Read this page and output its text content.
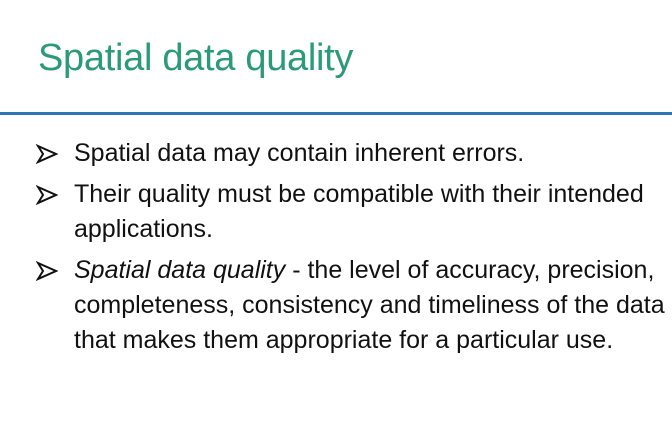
Spatial data quality
Spatial data may contain inherent errors.
Their quality must be compatible with their intended applications.
Spatial data quality - the level of accuracy, precision, completeness, consistency and timeliness of the data that makes them appropriate for a particular use.
